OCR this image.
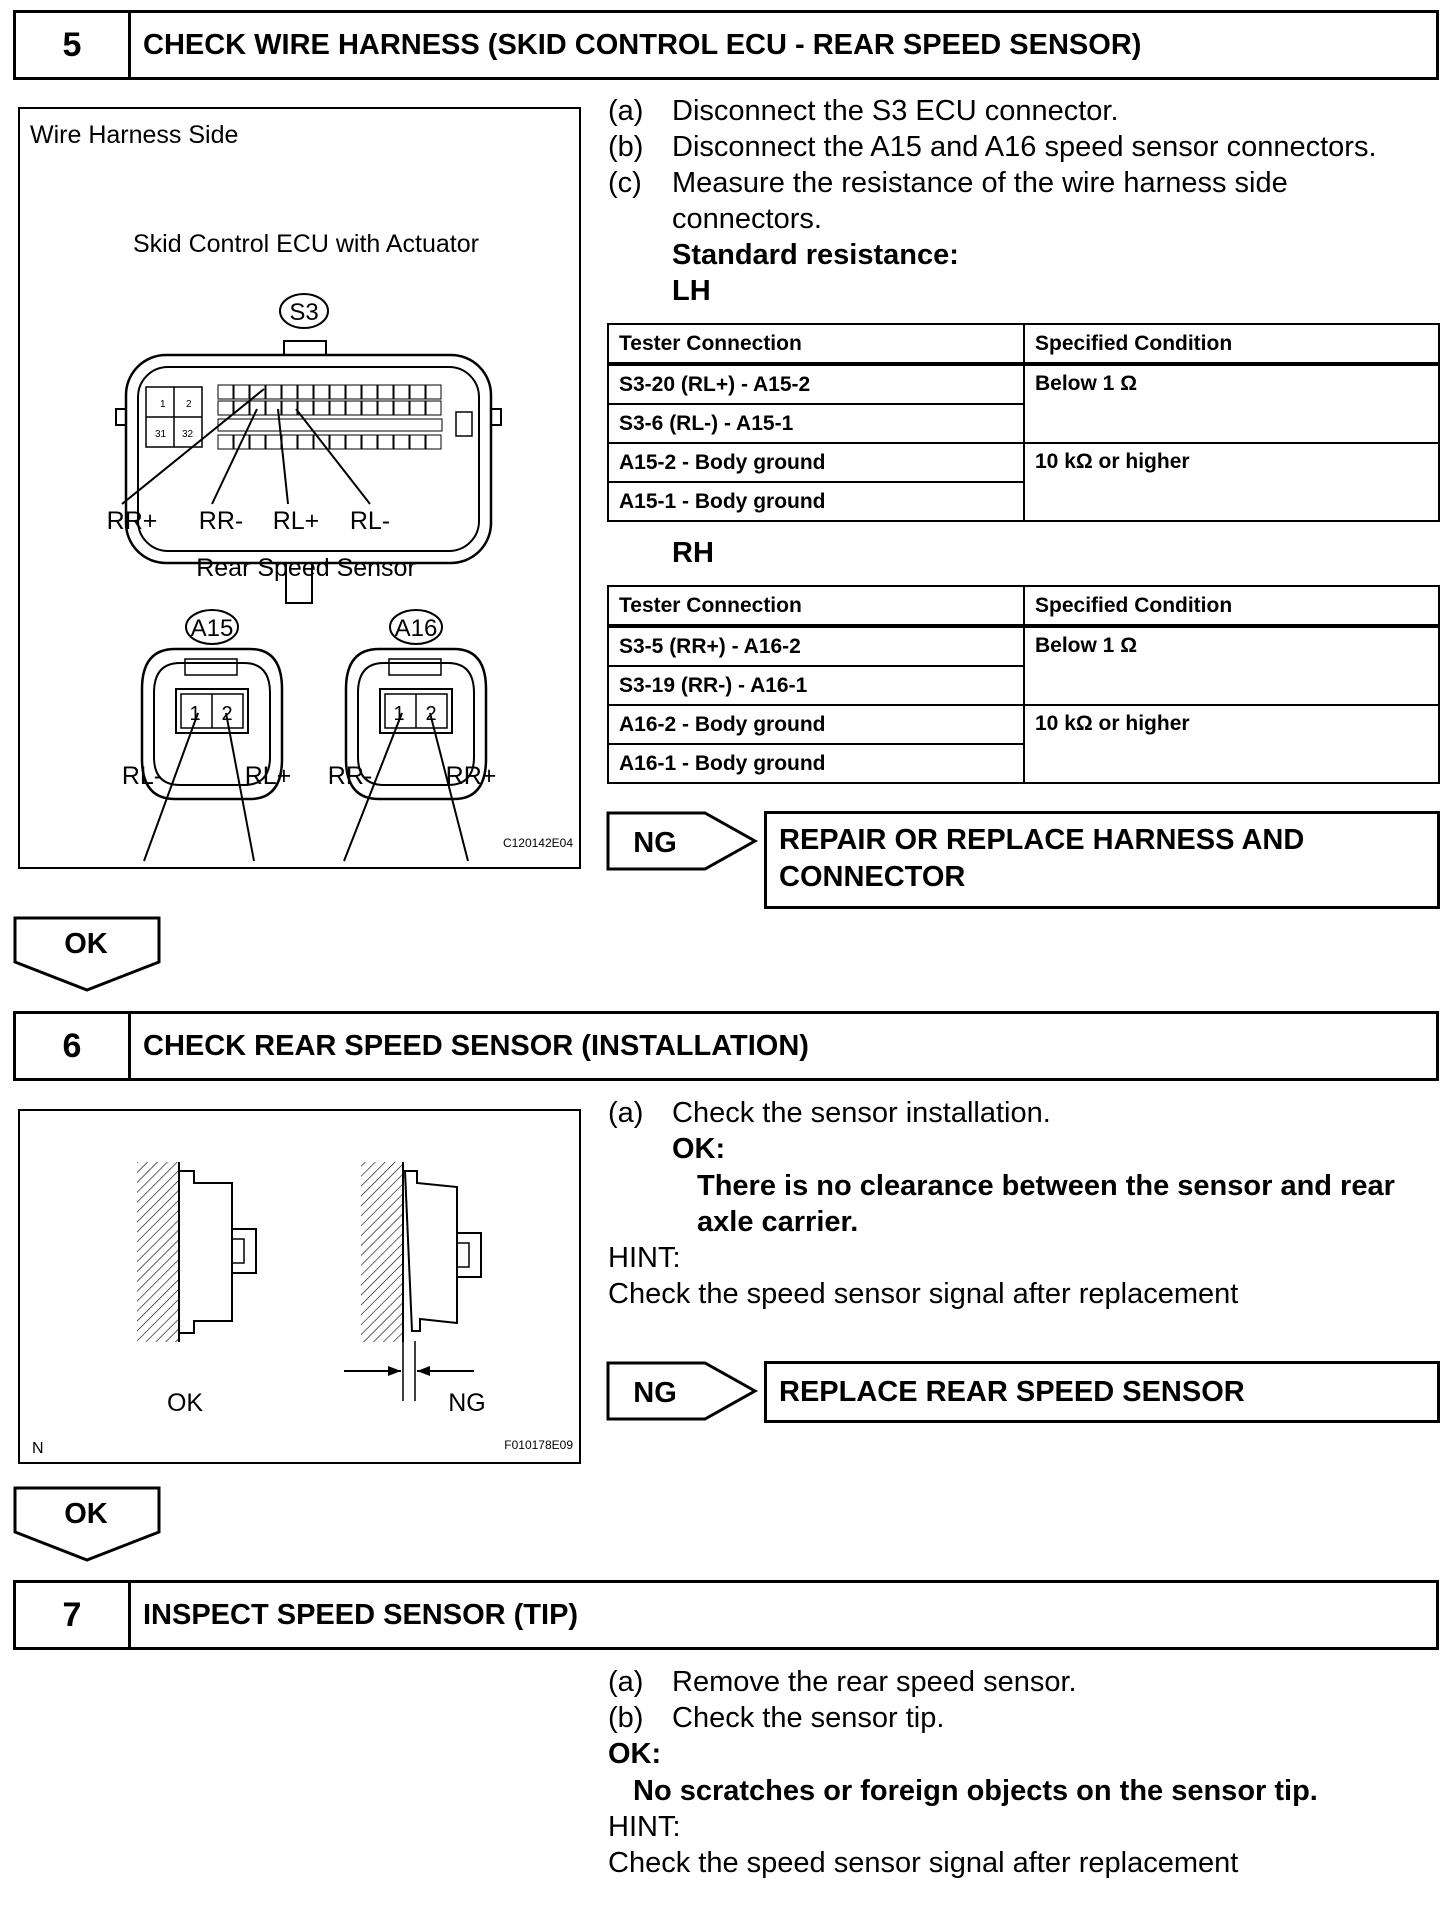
5	CHECK WIRE HARNESS (SKID CONTROL ECU - REAR SPEED SENSOR)
Wire Harness Side
Skid Control ECU with Actuator
S3
1 2
31 32
RR+ RR- RL+ RL-
Rear Speed Sensor
A15
1 2
A16
1 2
RL-	RL+ RR-	RR+
C120142E04
(a) Disconnect the S3 ECU connector.
(b) Disconnect the A15 and A16 speed sensor connectors.
(c)	Measure the resistance of the wire harness side
connectors.
Standard resistance:
LH
Tester Connection	Specified Condition
S3-20 (RL+) - A15-2	Below 1 Ω
S3-6 (RL-) - A15-1	
A15-2 - Body ground	10 kΩ or higher
A15-1 - Body ground	
RH
Tester Connection	Specified Condition
S3-5 (RR+) - A16-2	Below 1 Ω
S3-19 (RR-) - A16-1	
A16-2 - Body ground	10 kΩ or higher
A16-1 - Body ground	
NG	REPAIR OR REPLACE HARNESS AND
CONNECTOR
OK
6	CHECK REAR SPEED SENSOR (INSTALLATION)
OK	NG
N	F010178E09
(a) Check the sensor installation.
OK:
There is no clearance between the sensor and rear
axle carrier.
HINT:
Check the speed sensor signal after replacement
NG	REPLACE REAR SPEED SENSOR
OK
7	INSPECT SPEED SENSOR (TIP)
(a) Remove the rear speed sensor.
(b) Check the sensor tip.
OK:
No scratches or foreign objects on the sensor tip.
HINT:
Check the speed sensor signal after replacement
